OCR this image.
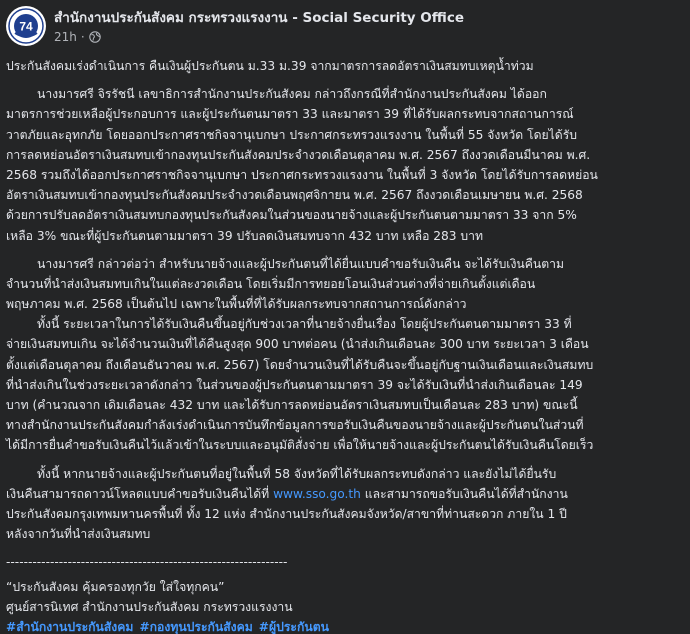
74
สำนักงานประกันสังคม กระทรวงแรงงาน - Social Security Office
21h ·
ประกันสังคมเร่งดำเนินการ คืนเงินผู้ประกันตน ม.33 ม.39 จากมาตรการลดอัตราเงินสมทบเหตุน้ำท่วม
นางมารศรี จิรรัชนี เลขาธิการสำนักงานประกันสังคม กล่าวถึงกรณีที่สำนักงานประกันสังคม ได้ออก
มาตรการช่วยเหลือผู้ประกอบการ และผู้ประกันตนมาตรา 33 และมาตรา 39 ที่ได้รับผลกระทบจากสถานการณ์
วาตภัยและอุทกภัย โดยออกประกาศราชกิจจานุเบกษา ประกาศกระทรวงแรงงาน ในพื้นที่ 55 จังหวัด โดยได้รับ
การลดหย่อนอัตราเงินสมทบเข้ากองทุนประกันสังคมประจำงวดเดือนตุลาคม พ.ศ. 2567 ถึงงวดเดือนมีนาคม พ.ศ.
2568 รวมถึงได้ออกประกาศราชกิจจานุเบกษา ประกาศกระทรวงแรงงาน ในพื้นที่ 3 จังหวัด โดยได้รับการลดหย่อน
อัตราเงินสมทบเข้ากองทุนประกันสังคมประจำงวดเดือนพฤศจิกายน พ.ศ. 2567 ถึงงวดเดือนเมษายน พ.ศ. 2568
ด้วยการปรับลดอัตราเงินสมทบกองทุนประกันสังคมในส่วนของนายจ้างและผู้ประกันตนตามมาตรา 33 จาก 5%
เหลือ 3% ขณะที่ผู้ประกันตนตามมาตรา 39 ปรับลดเงินสมทบจาก 432 บาท เหลือ 283 บาท
นางมารศรี กล่าวต่อว่า สำหรับนายจ้างและผู้ประกันตนที่ได้ยื่นแบบคำขอรับเงินคืน จะได้รับเงินคืนตาม
จำนวนที่นำส่งเงินสมทบเกินในแต่ละงวดเดือน โดยเริ่มมีการทยอยโอนเงินส่วนต่างที่จ่ายเกินตั้งแต่เดือน
พฤษภาคม พ.ศ. 2568 เป็นต้นไป เฉพาะในพื้นที่ที่ได้รับผลกระทบจากสถานการณ์ดังกล่าว
ทั้งนี้ ระยะเวลาในการได้รับเงินคืนขึ้นอยู่กับช่วงเวลาที่นายจ้างยื่นเรื่อง โดยผู้ประกันตนตามมาตรา 33 ที่
จ่ายเงินสมทบเกิน จะได้จำนวนเงินที่ได้คืนสูงสุด 900 บาทต่อคน (นำส่งเกินเดือนละ 300 บาท ระยะเวลา 3 เดือน
ตั้งแต่เดือนตุลาคม ถึงเดือนธันวาคม พ.ศ. 2567) โดยจำนวนเงินที่ได้รับคืนจะขึ้นอยู่กับฐานเงินเดือนและเงินสมทบ
ที่นำส่งเกินในช่วงระยะเวลาดังกล่าว ในส่วนของผู้ประกันตนตามมาตรา 39 จะได้รับเงินที่นำส่งเกินเดือนละ 149
บาท (คำนวณจาก เดิมเดือนละ 432 บาท และได้รับการลดหย่อนอัตราเงินสมทบเป็นเดือนละ 283 บาท) ขณะนี้
ทางสำนักงานประกันสังคมกำลังเร่งดำเนินการบันทึกข้อมูลการขอรับเงินคืนของนายจ้างและผู้ประกันตนในส่วนที่
ได้มีการยื่นคำขอรับเงินคืนไว้แล้วเข้าในระบบและอนุมัติสั่งจ่าย เพื่อให้นายจ้างและผู้ประกันตนได้รับเงินคืนโดยเร็ว
ทั้งนี้ หากนายจ้างและผู้ประกันตนที่อยู่ในพื้นที่ 58 จังหวัดที่ได้รับผลกระทบดังกล่าว และยังไม่ได้ยื่นรับ
เงินคืนสามารถดาวน์โหลดแบบคำขอรับเงินคืนได้ที่ www.sso.go.th และสามารถขอรับเงินคืนได้ที่สำนักงาน
ประกันสังคมกรุงเทพมหานครพื้นที่ ทั้ง 12 แห่ง สำนักงานประกันสังคมจังหวัด/สาขาที่ท่านสะดวก ภายใน 1 ปี
หลังจากวันที่นำส่งเงินสมทบ
----------------------------------------------------------------
“ประกันสังคม คุ้มครองทุกวัย ใส่ใจทุกคน”
ศูนย์สารนิเทศ สำนักงานประกันสังคม กระทรวงแรงงาน
#สำนักงานประกันสังคม #กองทุนประกันสังคม #ผู้ประกันตน
